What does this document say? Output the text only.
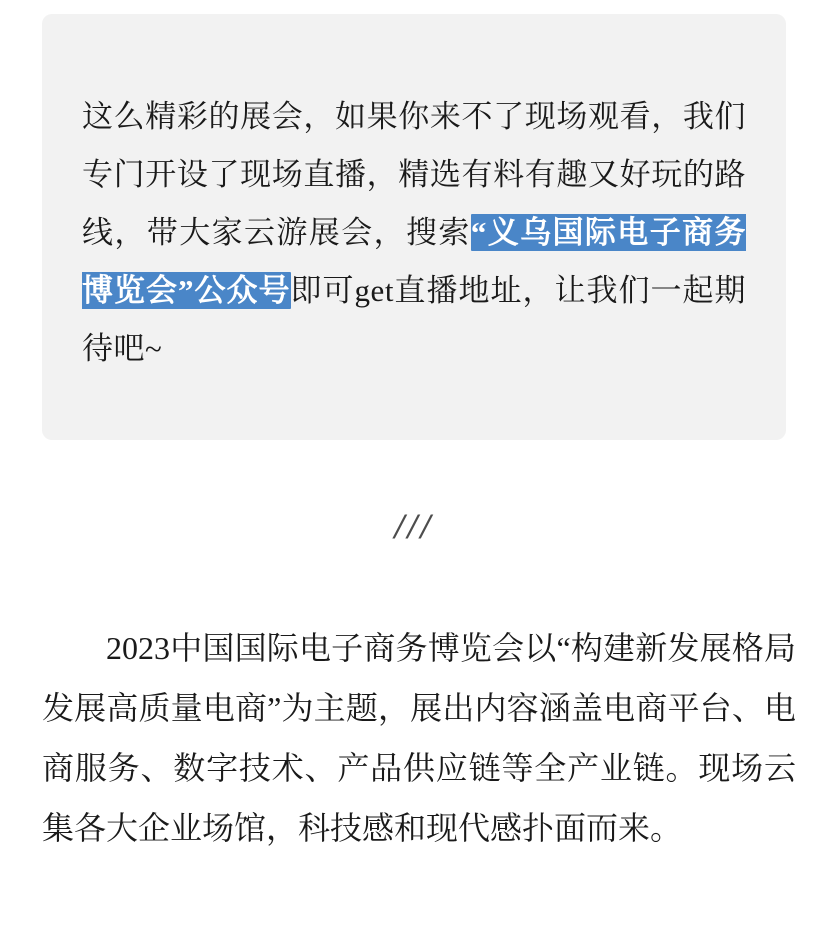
这么精彩的展会，如果你来不了现场观看，我们专门开设了现场直播，精选有料有趣又好玩的路线，带大家云游展会，搜索“义乌国际电子商务博览会”公众号即可get直播地址，让我们一起期待吧~
///
2023中国国际电子商务博览会以“构建新发展格局 发展高质量电商”为主题，展出内容涵盖电商平台、电商服务、数字技术、产品供应链等全产业链。现场云集各大企业场馆，科技感和现代感扑面而来。
